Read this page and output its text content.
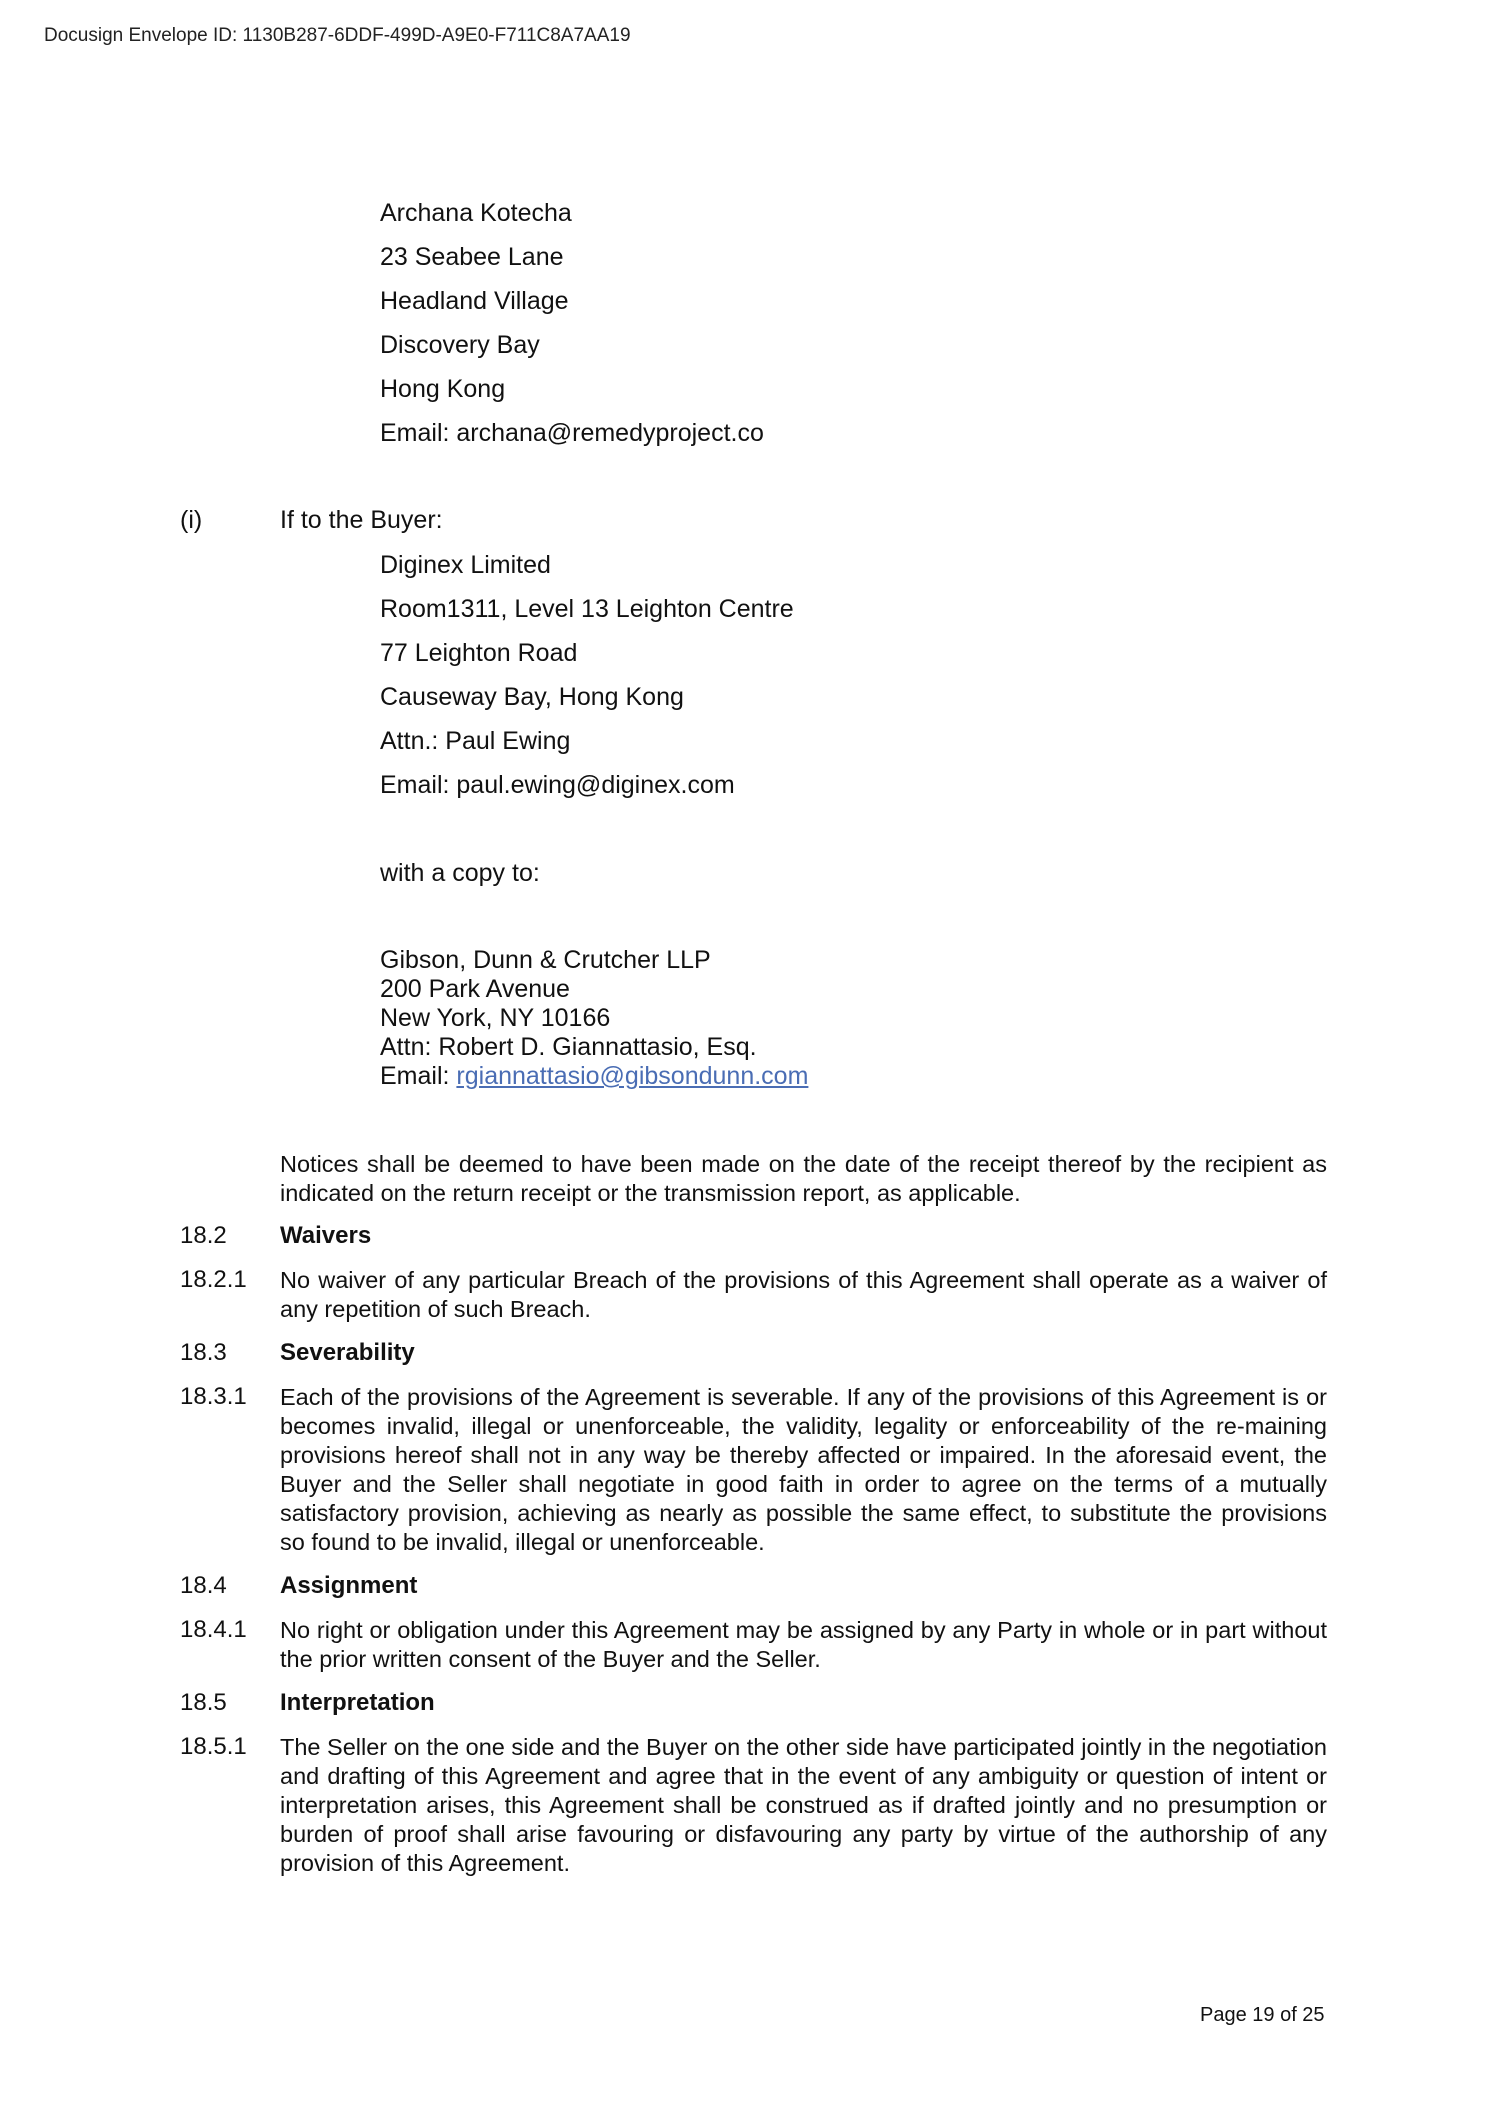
Docusign Envelope ID: 1130B287-6DDF-499D-A9E0-F711C8A7AA19
Archana Kotecha
23 Seabee Lane
Headland Village
Discovery Bay
Hong Kong
Email: archana@remedyproject.co
(i)	If to the Buyer:
Diginex Limited
Room1311, Level 13 Leighton Centre
77 Leighton Road
Causeway Bay, Hong Kong
Attn.: Paul Ewing
Email: paul.ewing@diginex.com
with a copy to:
Gibson, Dunn & Crutcher LLP
200 Park Avenue
New York, NY 10166
Attn: Robert D. Giannattasio, Esq.
Email: rgiannattasio@gibsondunn.com
Notices shall be deemed to have been made on the date of the receipt thereof by the recipient as indicated on the return receipt or the transmission report, as applicable.
18.2 Waivers
18.2.1 No waiver of any particular Breach of the provisions of this Agreement shall operate as a waiver of any repetition of such Breach.
18.3 Severability
18.3.1 Each of the provisions of the Agreement is severable. If any of the provisions of this Agreement is or becomes invalid, illegal or unenforceable, the validity, legality or enforceability of the re-maining provisions hereof shall not in any way be thereby affected or impaired. In the aforesaid event, the Buyer and the Seller shall negotiate in good faith in order to agree on the terms of a mutually satisfactory provision, achieving as nearly as possible the same effect, to substitute the provisions so found to be invalid, illegal or unenforceable.
18.4 Assignment
18.4.1 No right or obligation under this Agreement may be assigned by any Party in whole or in part without the prior written consent of the Buyer and the Seller.
18.5 Interpretation
18.5.1 The Seller on the one side and the Buyer on the other side have participated jointly in the negotiation and drafting of this Agreement and agree that in the event of any ambiguity or question of intent or interpretation arises, this Agreement shall be construed as if drafted jointly and no presumption or burden of proof shall arise favouring or disfavouring any party by virtue of the authorship of any provision of this Agreement.
Page 19 of 25
